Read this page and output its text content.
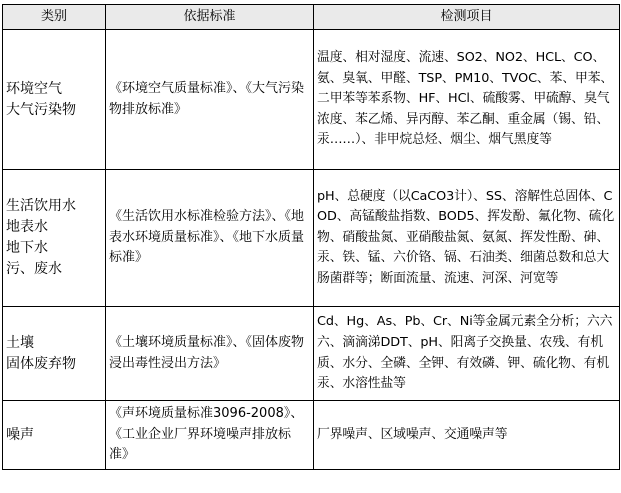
类别	依据标准	检测项目
环境空气
大气污染物	《环境空气质量标准》、《大气污染物排放标准》	温度、相对湿度、流速、SO2、NO2、HCL、CO、氨、臭氧、甲醛、TSP、PM10、TVOC、苯、甲苯、二甲苯等苯系物、HF、HCl、硫酸雾、甲硫醇、臭气浓度、苯乙烯、异丙醇、苯乙酮、重金属（锡、铅、汞……）、非甲烷总烃、烟尘、烟气黑度等
生活饮用水
地表水
地下水
污、废水	《生活饮用水标准检验方法》、《地表水环境质量标准》、《地下水质量标准》	pH、总硬度（以CaCO3计）、SS、溶解性总固体、COD、高锰酸盐指数、BOD5、挥发酚、氟化物、硫化物、硝酸盐氮、亚硝酸盐氮、氨氮、挥发性酚、砷、汞、铁、锰、六价铬、镉、石油类、细菌总数和总大肠菌群等；断面流量、流速、河深、河宽等
土壤
固体废弃物	《土壤环境质量标准》、《固体废物浸出毒性浸出方法》	Cd、Hg、As、Pb、Cr、Ni等金属元素全分析；六六六、滴滴涕DDT、pH、阳离子交换量、农残、有机质、水分、全磷、全钾、有效磷、钾、硫化物、有机汞、水溶性盐等
噪声	《声环境质量标准3096-2008》、《工业企业厂界环境噪声排放标准》	厂界噪声、区域噪声、交通噪声等
